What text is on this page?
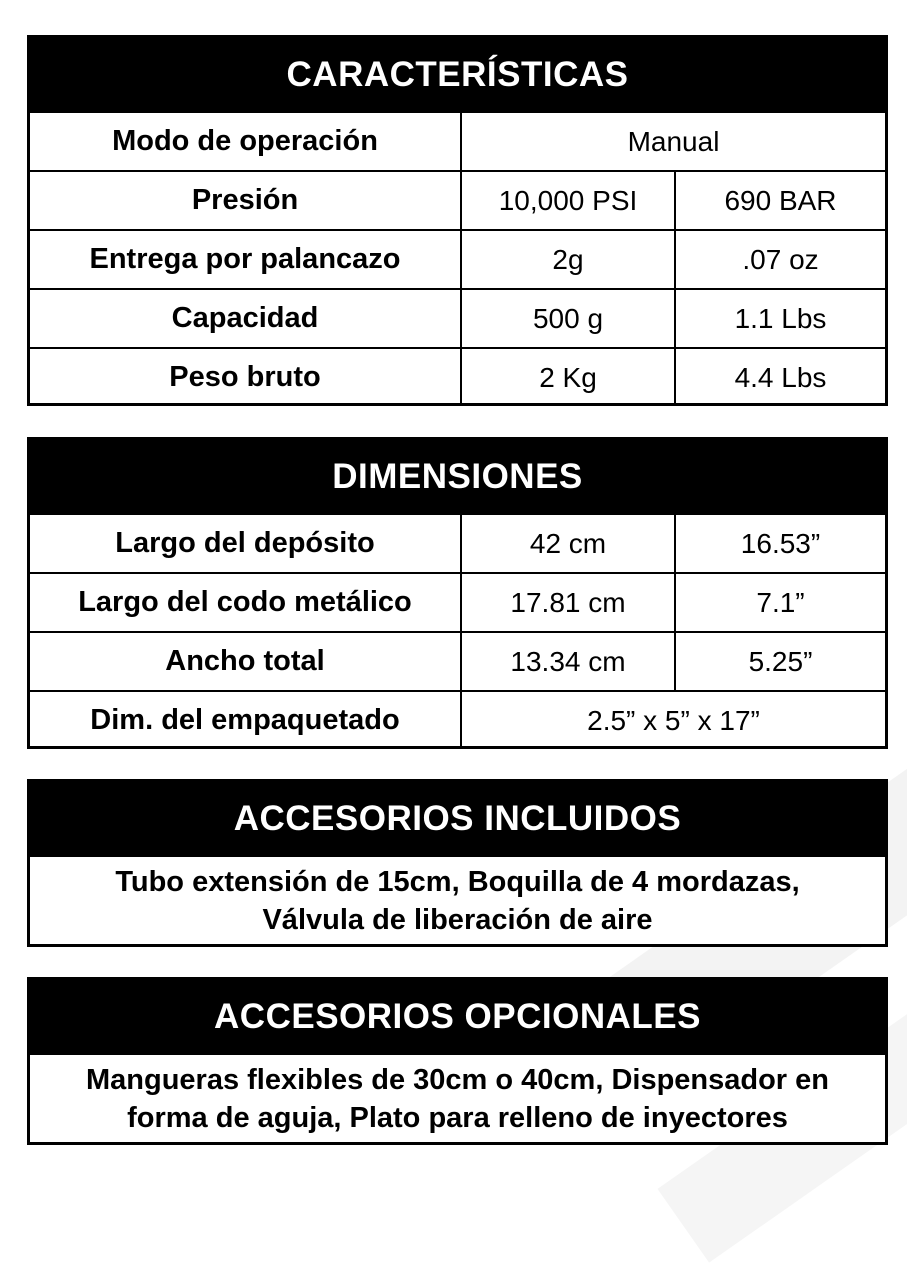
CARACTERÍSTICAS
Modo de operación	Manual
Presión	10,000 PSI	690 BAR
Entrega por palancazo	2g	.07 oz
Capacidad	500 g	1.1 Lbs
Peso bruto	2 Kg	4.4 Lbs
DIMENSIONES
Largo del depósito	42 cm	16.53”
Largo del codo metálico	17.81 cm	7.1”
Ancho total	13.34 cm	5.25”
Dim. del empaquetado	2.5” x 5” x 17”
ACCESORIOS INCLUIDOS
Tubo extensión de 15cm, Boquilla de 4 mordazas,
Válvula de liberación de aire
ACCESORIOS OPCIONALES
Mangueras flexibles de 30cm o 40cm, Dispensador en
forma de aguja, Plato para relleno de inyectores
